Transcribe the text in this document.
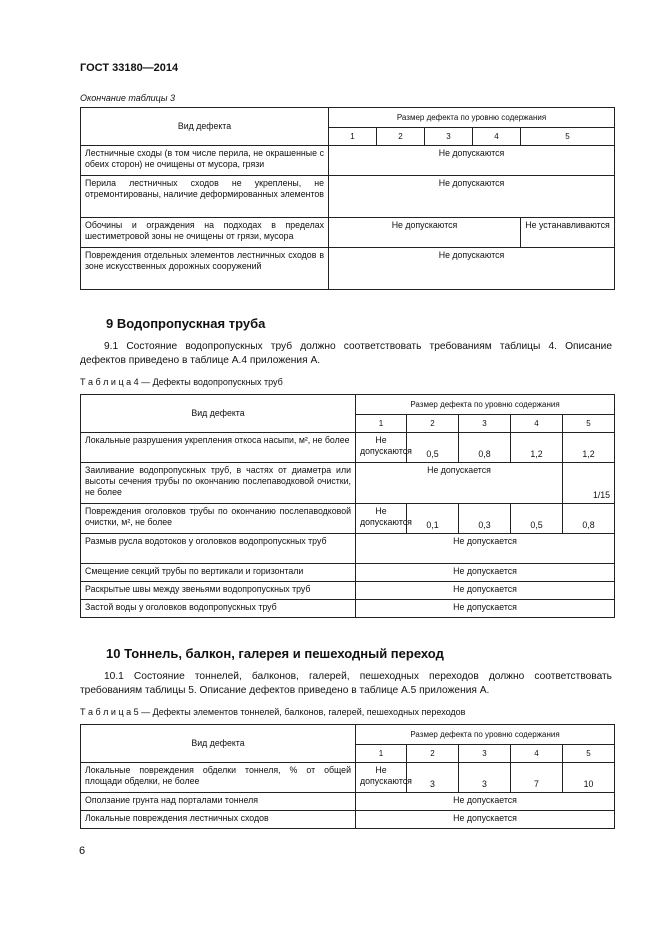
ГОСТ 33180—2014
Окончание таблицы 3
Вид дефекта	Размер дефекта по уровню содержания				
	1	2	3	4	5
Лестничные сходы (в том числе перила, не окрашенные с обеих сторон) не очищены от мусора, грязи	Не допускаются				
Перила лестничных сходов не укреплены, не отремонтированы, наличие деформированных элементов	Не допускаются				
Обочины и ограждения на подходах в пределах шестиметровой зоны не очищены от грязи, мусора	Не допускаются				Не устанавливаются
Повреждения отдельных элементов лестничных сходов в зоне искусственных дорожных сооружений	Не допускаются				
9 Водопропускная труба
9.1 Состояние водопропускных труб должно соответствовать требованиям таблицы 4. Описание дефектов приведено в таблице А.4 приложения А.
Т а б л и ц а 4 — Дефекты водопропускных труб
Вид дефекта	Размер дефекта по уровню содержания				
	1	2	3	4	5
Локальные разрушения укрепления откоса насыпи, м², не более	Не допускаются	0,5	0,8	1,2	1,2
Заиливание водопропускных труб, в частях от диаметра или высоты сечения трубы по окончанию послепаводковой очистки, не более	Не допускается				1/15
Повреждения оголовков трубы по окончанию послепаводковой очистки, м², не более	Не допускаются	0,1	0,3	0,5	0,8
Размыв русла водотоков у оголовков водопропускных труб	Не допускается				
Смещение секций трубы по вертикали и горизонтали	Не допускается				
Раскрытые швы между звеньями водопропускных труб	Не допускается				
Застой воды у оголовков водопропускных труб	Не допускается				
10 Тоннель, балкон, галерея и пешеходный переход
10.1 Состояние тоннелей, балконов, галерей, пешеходных переходов должно соответствовать требованиям таблицы 5. Описание дефектов приведено в таблице А.5 приложения А.
Т а б л и ц а 5 — Дефекты элементов тоннелей, балконов, галерей, пешеходных переходов
Вид дефекта	Размер дефекта по уровню содержания				
	1	2	3	4	5
Локальные повреждения обделки тоннеля, % от общей площади обделки, не более	Не допускаются	3	3	7	10
Оползание грунта над порталами тоннеля	Не допускается				
Локальные повреждения лестничных сходов	Не допускается				
6
